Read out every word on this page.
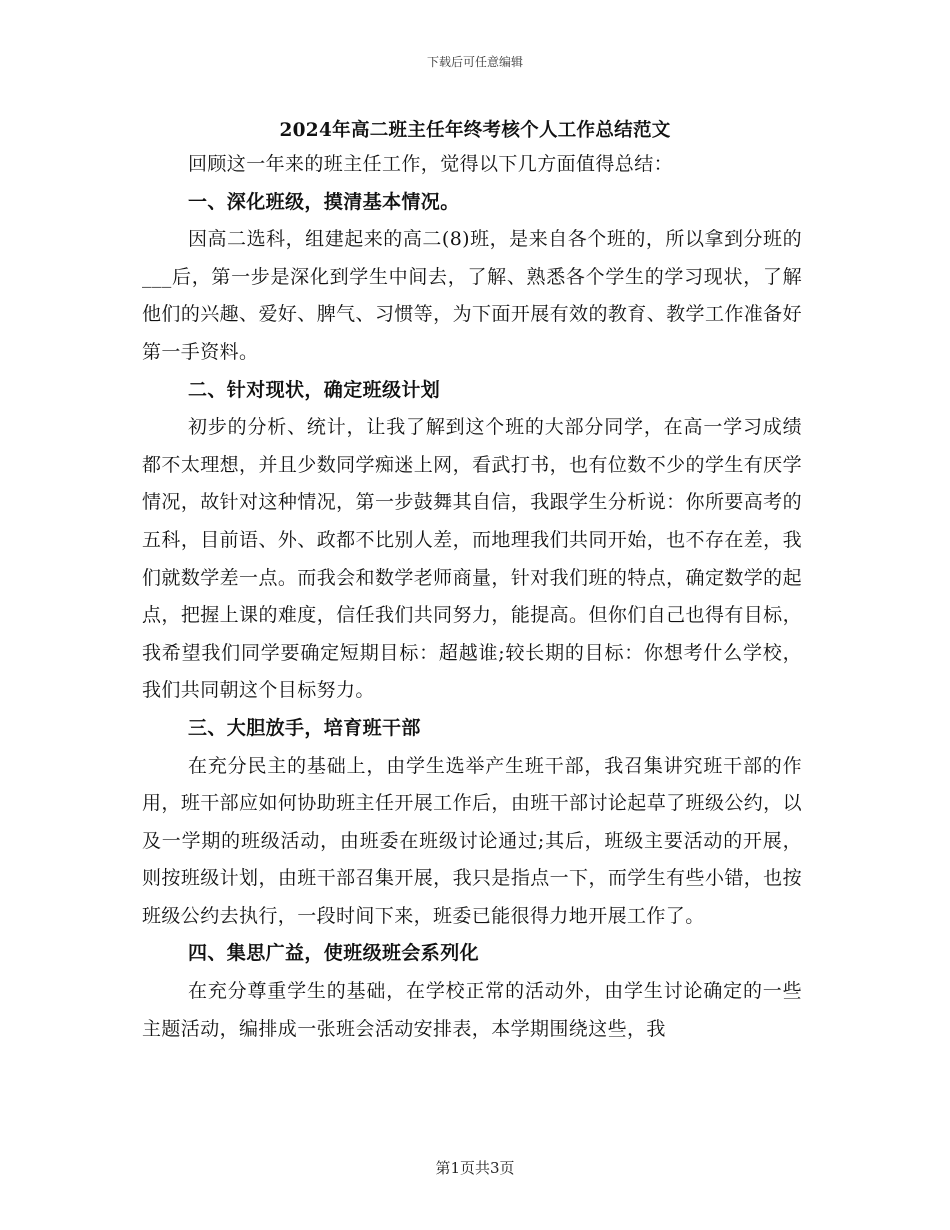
下载后可任意编辑
2024年高二班主任年终考核个人工作总结范文

回顾这一年来的班主任工作，觉得以下几方面值得总结：

一、深化班级，摸清基本情况。

因高二选科，组建起来的高二(8)班，是来自各个班的，所以拿到分班的___后，第一步是深化到学生中间去，了解、熟悉各个学生的学习现状，了解他们的兴趣、爱好、脾气、习惯等，为下面开展有效的教育、教学工作准备好第一手资料。

二、针对现状，确定班级计划

初步的分析、统计，让我了解到这个班的大部分同学，在高一学习成绩都不太理想，并且少数同学痴迷上网，看武打书，也有位数不少的学生有厌学情况，故针对这种情况，第一步鼓舞其自信，我跟学生分析说：你所要高考的五科，目前语、外、政都不比别人差，而地理我们共同开始，也不存在差，我们就数学差一点。而我会和数学老师商量，针对我们班的特点，确定数学的起点，把握上课的难度，信任我们共同努力，能提高。但你们自己也得有目标，我希望我们同学要确定短期目标：超越谁;较长期的目标：你想考什么学校，我们共同朝这个目标努力。

三、大胆放手，培育班干部

在充分民主的基础上，由学生选举产生班干部，我召集讲究班干部的作用，班干部应如何协助班主任开展工作后，由班干部讨论起草了班级公约，以及一学期的班级活动，由班委在班级讨论通过;其后，班级主要活动的开展，则按班级计划，由班干部召集开展，我只是指点一下，而学生有些小错，也按班级公约去执行，一段时间下来，班委已能很得力地开展工作了。

四、集思广益，使班级班会系列化

在充分尊重学生的基础，在学校正常的活动外，由学生讨论确定的一些主题活动，编排成一张班会活动安排表，本学期围绕这些，我

第1页共3页
